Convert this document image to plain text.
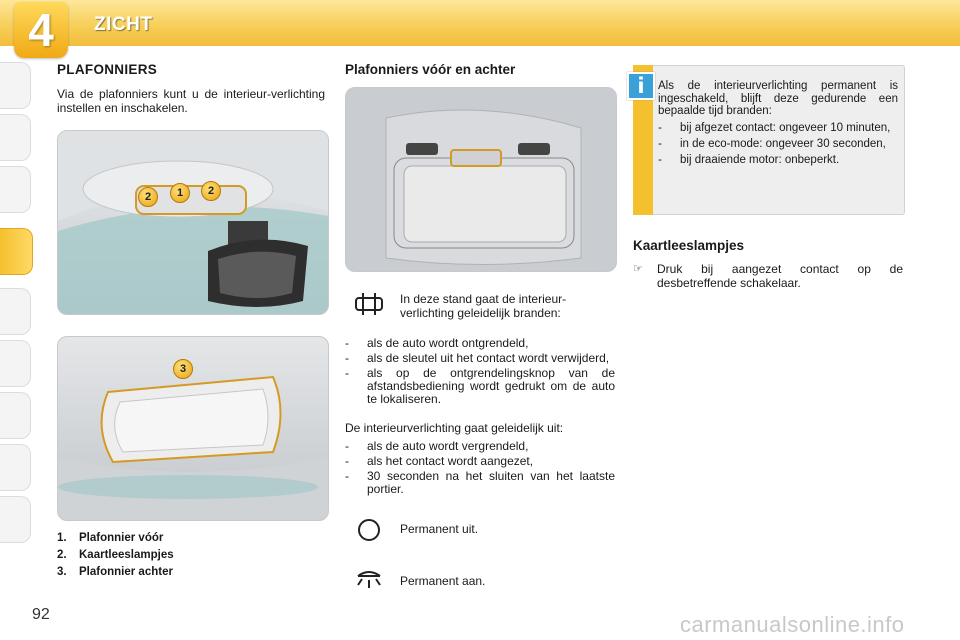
4	ZICHT
PLAFONNIERS

Via de plafonniers kunt u de interieur-verlichting instellen en inschakelen.

2	1	2
3
1. Plafonnier vóór
2. Kaartleeslampjes
3. Plafonnier achter
Plafonniers vóór en achter

In deze stand gaat de interieur-verlichting geleidelijk branden:

- als de auto wordt ontgrendeld,
- als de sleutel uit het contact wordt verwijderd,
- als op de ontgrendelingsknop van de afstandsbediening wordt gedrukt om de auto te lokaliseren.

De interieurverlichting gaat geleidelijk uit:

- als de auto wordt vergrendeld,
- als het contact wordt aangezet,
- 30 seconden na het sluiten van het laatste portier.

Permanent uit.

Permanent aan.

i	Als de interieurverlichting permanent is ingeschakeld, blijft deze gedurende een bepaalde tijd branden:

- bij afgezet contact: ongeveer 10 minuten,
- in de eco-mode: ongeveer 30 seconden,
- bij draaiende motor: onbeperkt.
Kaartleeslampjes
☞	Druk bij aangezet contact op de desbetreffende schakelaar.
92	carmanualsonline.info
